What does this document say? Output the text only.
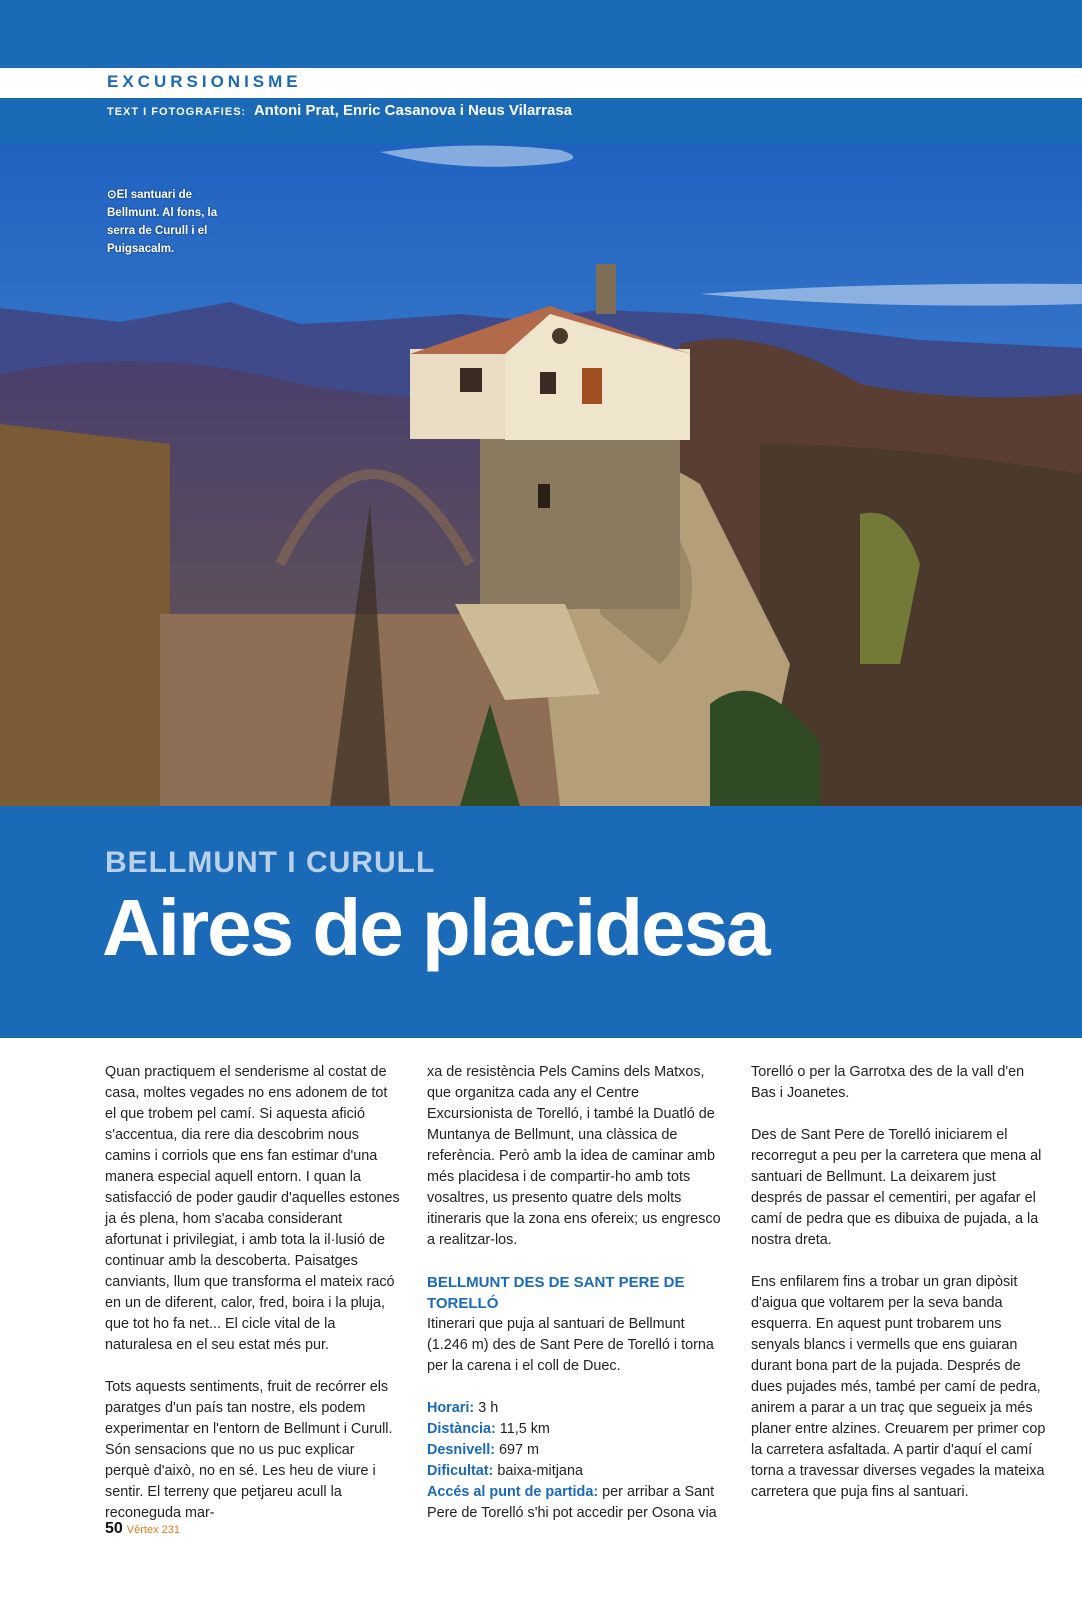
EXCURSIONISME
TEXT I FOTOGRAFIES: Antoni Prat, Enric Casanova i Neus Vilarrasa
⊙El santuari de Bellmunt. Al fons, la serra de Curull i el Puigsacalm.
BELLMUNT I CURULL
Aires de placidesa

Quan practiquem el senderisme al costat de casa, moltes vegades no ens adonem de tot el que trobem pel camí. Si aquesta afició s'accentua, dia rere dia descobrim nous camins i corriols que ens fan estimar d'una manera especial aquell entorn. I quan la satisfacció de poder gaudir d'aquelles estones ja és plena, hom s'acaba considerant afortunat i privilegiat, i amb tota la il·lusió de continuar amb la descoberta. Paisatges canviants, llum que transforma el mateix racó en un de diferent, calor, fred, boira i la pluja, que tot ho fa net... El cicle vital de la naturalesa en el seu estat més pur.

Tots aquests sentiments, fruit de recórrer els paratges d'un país tan nostre, els podem experimentar en l'entorn de Bellmunt i Curull. Són sensacions que no us puc explicar perquè d'això, no en sé. Les heu de viure i sentir. El terreny que petjareu acull la reconeguda mar-

xa de resistència Pels Camins dels Matxos, que organitza cada any el Centre Excursionista de Torelló, i també la Duatló de Muntanya de Bellmunt, una clàssica de referència. Però amb la idea de caminar amb més placidesa i de compartir-ho amb tots vosaltres, us presento quatre dels molts itineraris que la zona ens ofereix; us engresco a realitzar-los.

BELLMUNT DES DE SANT PERE DE TORELLÓ

Itinerari que puja al santuari de Bellmunt (1.246 m) des de Sant Pere de Torelló i torna per la carena i el coll de Duec.

Horari: 3 h
Distància: 11,5 km
Desnivell: 697 m
Dificultat: baixa-mitjana
Accés al punt de partida: per arribar a Sant Pere de Torelló s'hi pot accedir per Osona via

Torelló o per la Garrotxa des de la vall d'en Bas i Joanetes.

Des de Sant Pere de Torelló iniciarem el recorregut a peu per la carretera que mena al santuari de Bellmunt. La deixarem just després de passar el cementiri, per agafar el camí de pedra que es dibuixa de pujada, a la nostra dreta.

Ens enfilarem fins a trobar un gran dipòsit d'aigua que voltarem per la seva banda esquerra. En aquest punt trobarem uns senyals blancs i vermells que ens guiaran durant bona part de la pujada. Després de dues pujades més, també per camí de pedra, anirem a parar a un traç que segueix ja més planer entre alzines. Creuarem per primer cop la carretera asfaltada. A partir d'aquí el camí torna a travessar diverses vegades la mateixa carretera que puja fins al santuari.

50 Vèrtex 231
